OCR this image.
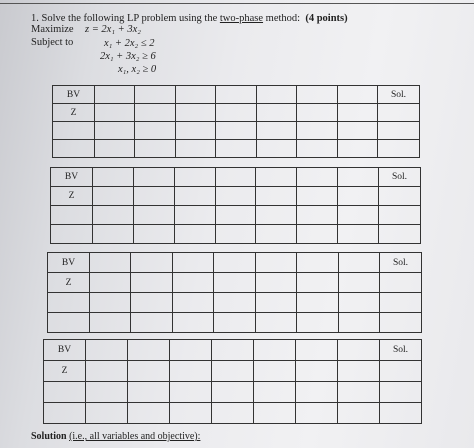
1. Solve the following LP problem using the two-phase method: (4 points)
Maximize z = 2x₁ + 3x₂
Subject to	x₁ + 2x₂ ≤ 2
2x₁ + 3x₂ ≥ 6
x₁, x₂ ≥ 0
BV								Sol.
Z								

BV								Sol.
Z								

BV								Sol.
Z								

BV								Sol.
Z								

Solution (i.e., all variables and objective):
